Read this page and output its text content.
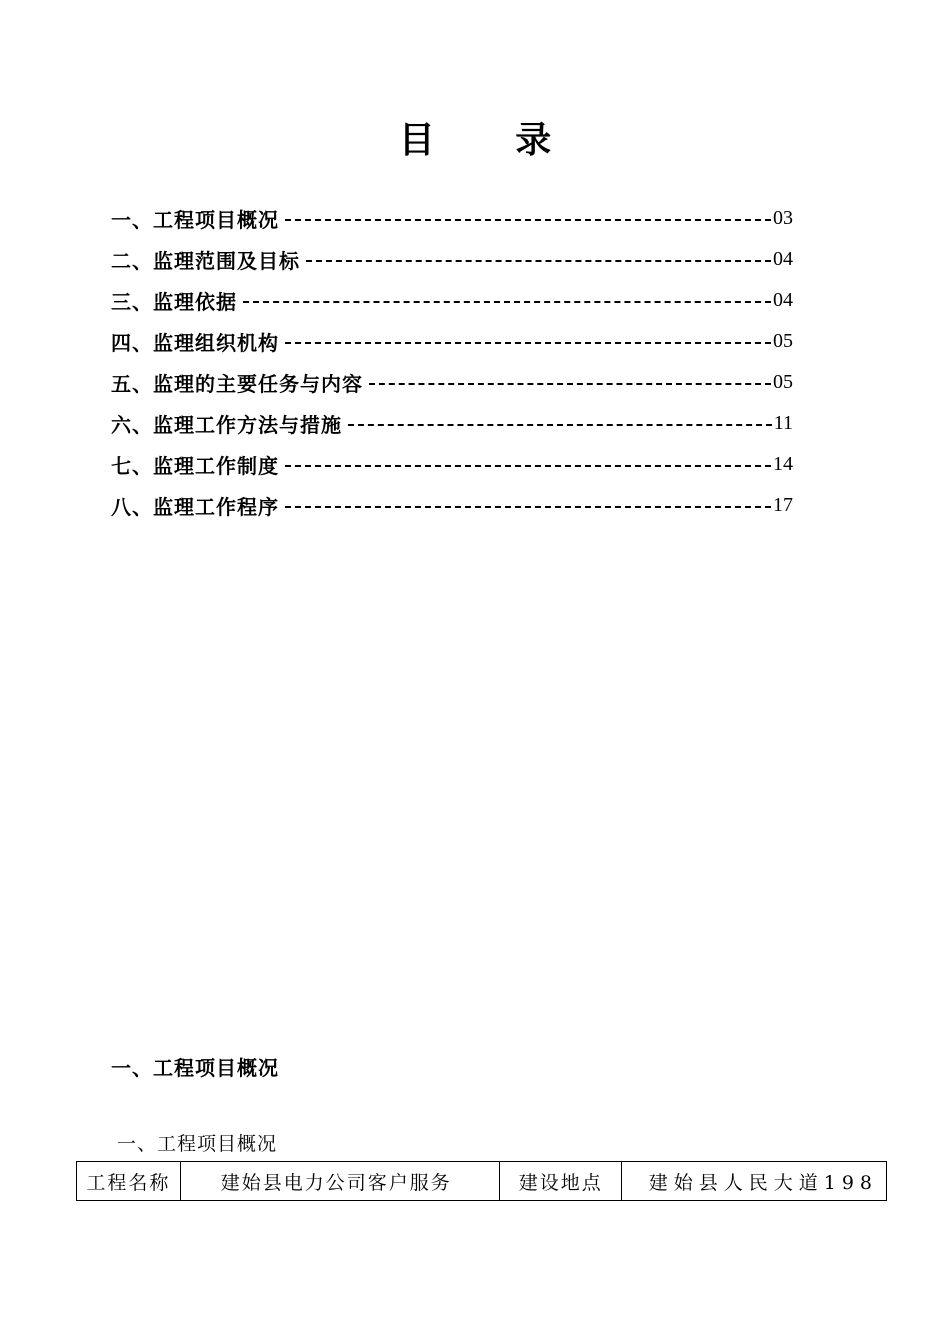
目 录
一、工程项目概况	03
二、监理范围及目标	04
三、监理依据	04
四、监理组织机构	05
五、监理的主要任务与内容	05
六、监理工作方法与措施	11
七、监理工作制度	14
八、监理工作程序	17
一、工程项目概况
一、工程项目概况
工程名称	建始县电力公司客户服务	建设地点	建始县人民大道198
